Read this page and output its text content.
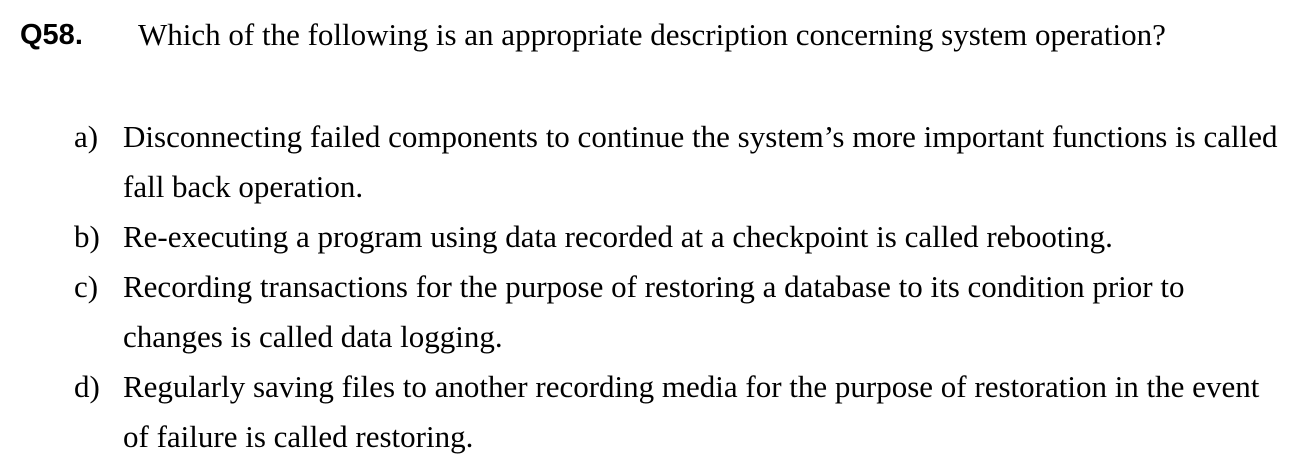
Q58. Which of the following is an appropriate description concerning system operation?
a) Disconnecting failed components to continue the system’s more important functions is called fall back operation.
b) Re-executing a program using data recorded at a checkpoint is called rebooting.
c) Recording transactions for the purpose of restoring a database to its condition prior to changes is called data logging.
d) Regularly saving files to another recording media for the purpose of restoration in the event of failure is called restoring.
